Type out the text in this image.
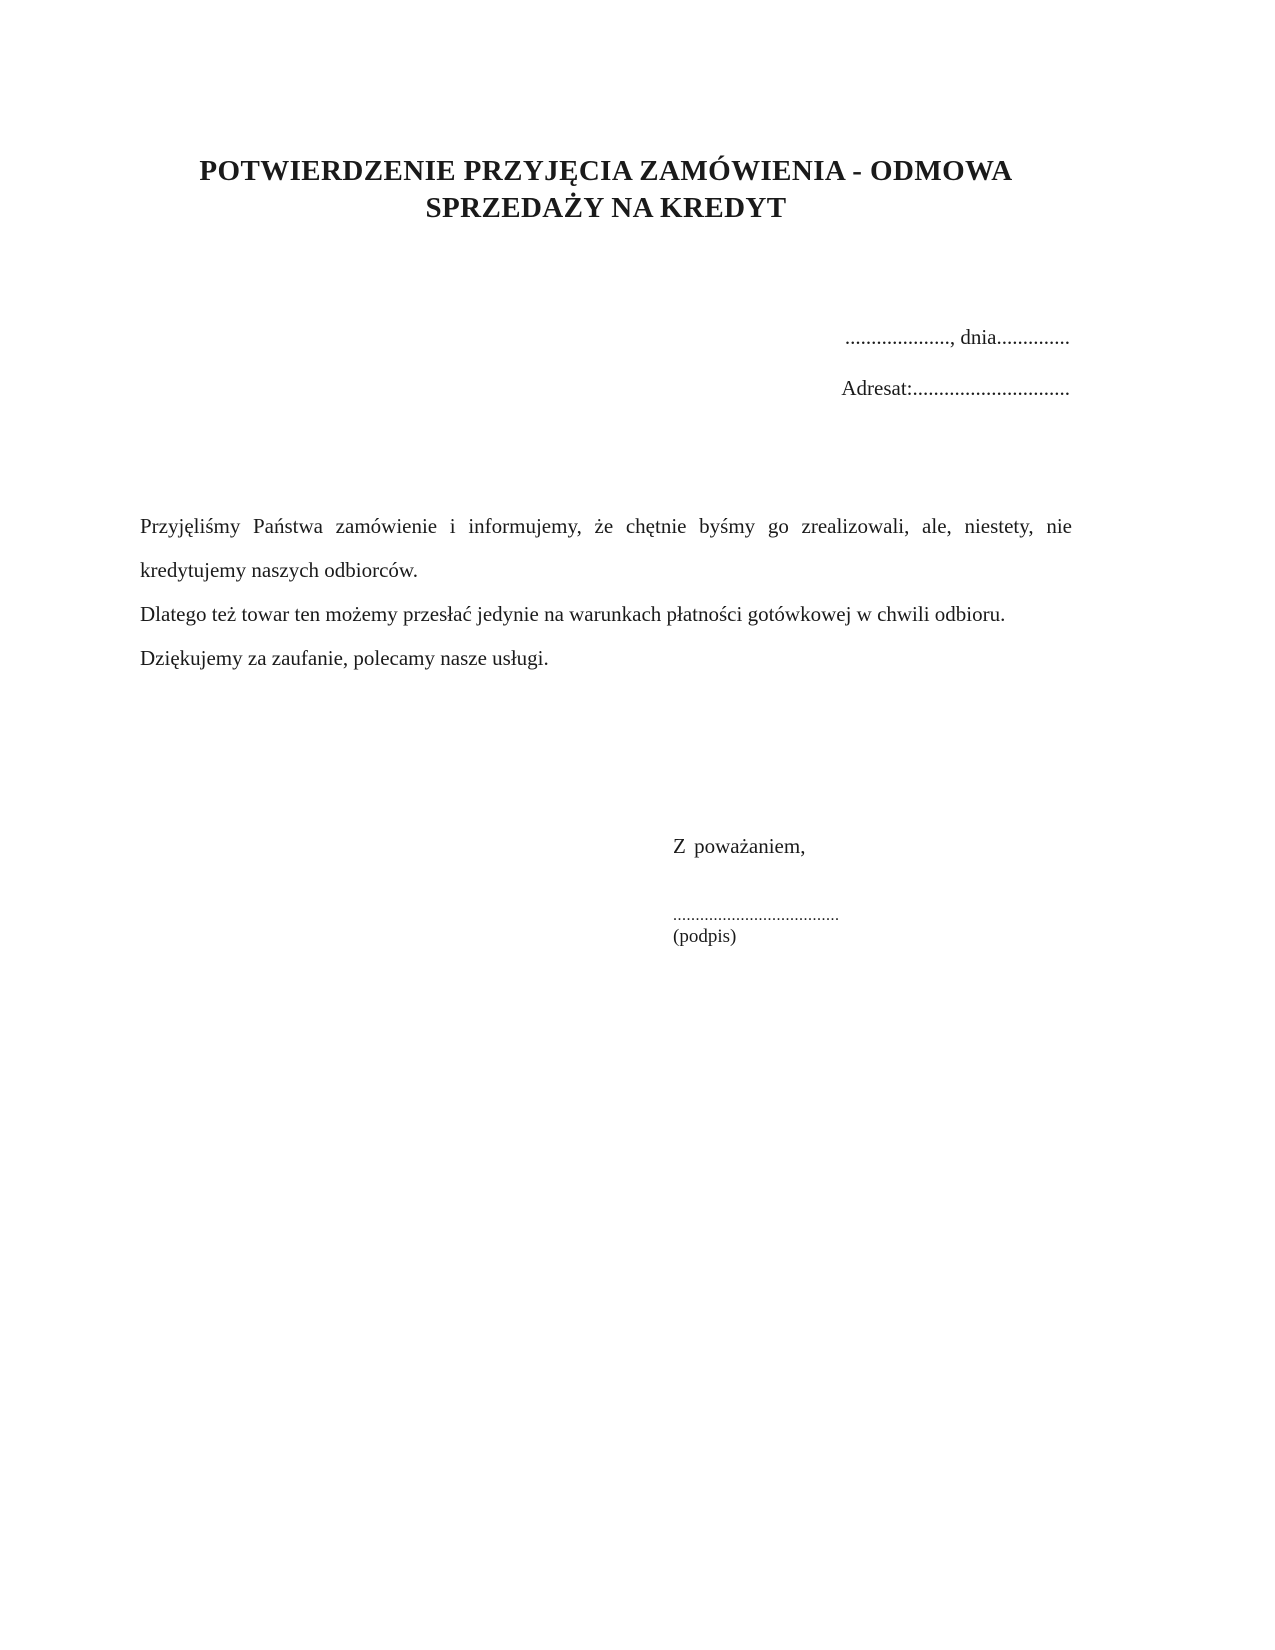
POTWIERDZENIE PRZYJĘCIA ZAMÓWIENIA - ODMOWA
SPRZEDAŻY NA KREDYT

...................., dnia..............

Adresat:..............................

Przyjęliśmy Państwa zamówienie i informujemy, że chętnie byśmy go zrealizowali, ale, niestety, nie kredytujemy naszych odbiorców.

Dlatego też towar ten możemy przesłać jedynie na warunkach płatności gotówkowej w chwili odbioru.

Dziękujemy za zaufanie, polecamy nasze usługi.

Z poważaniem,

.....................................

(podpis)
